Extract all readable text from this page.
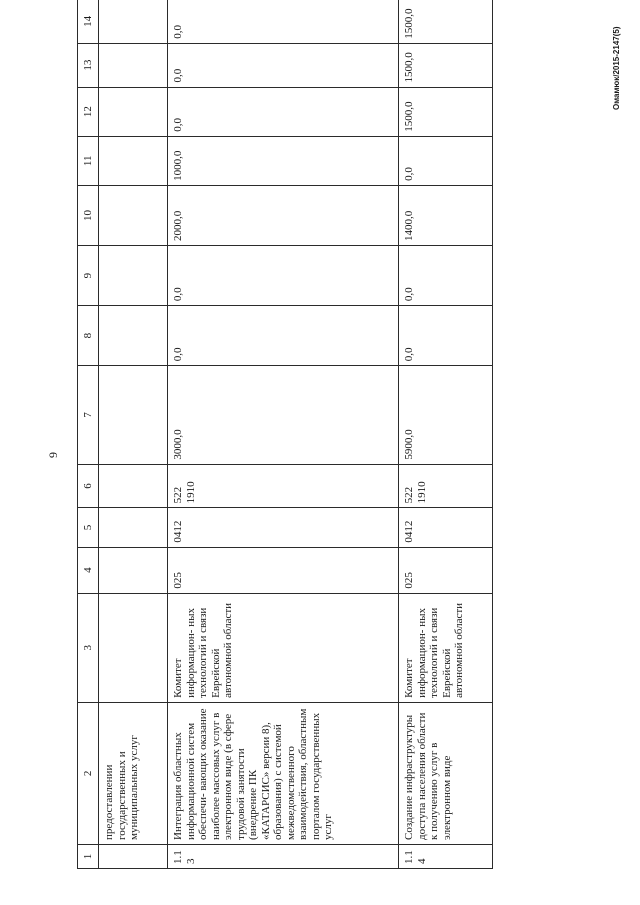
9
1	2	3	4	5	6	7	8	9	10	11	12	13	14
	предоставлении государственных и муниципальных услуг												
1.13	Интеграция областных информационной систем обеспечи- вающих оказание наиболее массовых услуг в электронном виде (в сфере трудовой занятости (внедрение ПК «КАТАРСИС» версии 8), образования) с системой межведомственного взаимодействия, областным порталом государственных услуг	Комитет информацион- ных технологий и связи Еврейской автономной области	025	0412	522 1910	3000,0	0,0	0,0	2000,0	1000,0	0,0	0,0	0,0
1.14	Создание инфраструктуры доступа населения области к получению услуг в электронном виде	Комитет информацион- ных технологий и связи Еврейской автономной области	025	0412	522 1910	5900,0	0,0	0,0	1400,0	0,0	1500,0	1500,0	1500,0
Омамюк/2015-2147(5)
